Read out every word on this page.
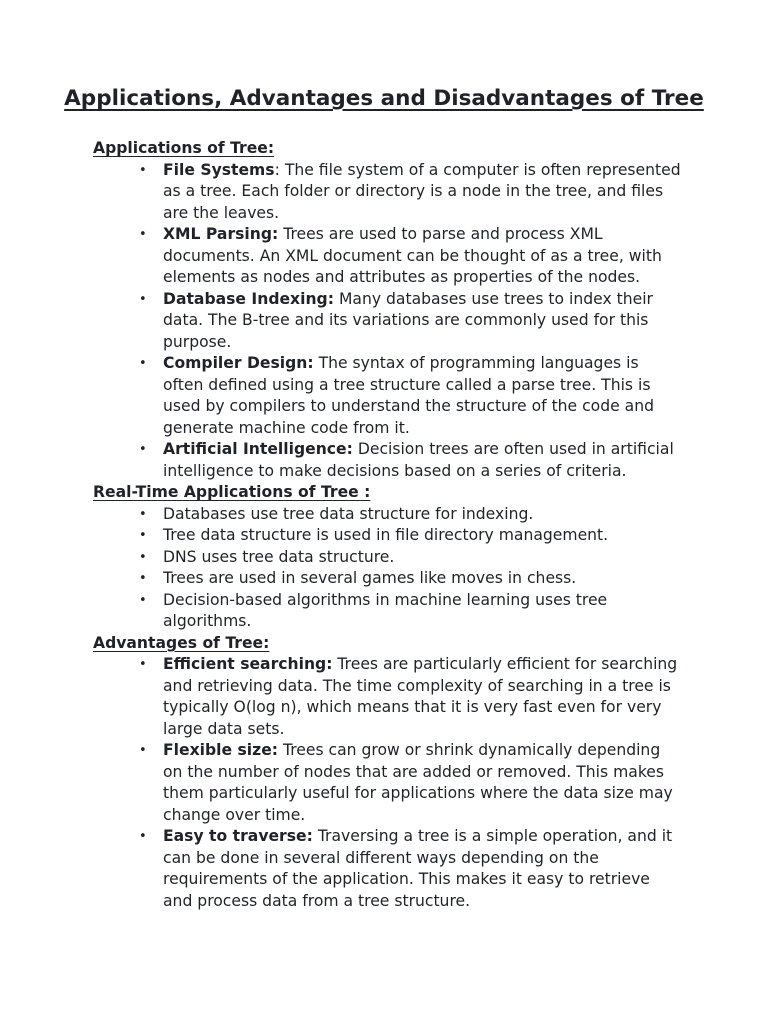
Applications, Advantages and Disadvantages of Tree

Applications of Tree:

• File Systems: The file system of a computer is often represented as a tree. Each folder or directory is a node in the tree, and files are the leaves.
• XML Parsing: Trees are used to parse and process XML documents. An XML document can be thought of as a tree, with elements as nodes and attributes as properties of the nodes.
• Database Indexing: Many databases use trees to index their data. The B-tree and its variations are commonly used for this purpose.
• Compiler Design: The syntax of programming languages is often defined using a tree structure called a parse tree. This is used by compilers to understand the structure of the code and generate machine code from it.
• Artificial Intelligence: Decision trees are often used in artificial intelligence to make decisions based on a series of criteria.

Real-Time Applications of Tree :

• Databases use tree data structure for indexing.
• Tree data structure is used in file directory management.
• DNS uses tree data structure.
• Trees are used in several games like moves in chess.
• Decision-based algorithms in machine learning uses tree algorithms.

Advantages of Tree:

• Efficient searching: Trees are particularly efficient for searching and retrieving data. The time complexity of searching in a tree is typically O(log n), which means that it is very fast even for very large data sets.
• Flexible size: Trees can grow or shrink dynamically depending on the number of nodes that are added or removed. This makes them particularly useful for applications where the data size may change over time.
• Easy to traverse: Traversing a tree is a simple operation, and it can be done in several different ways depending on the requirements of the application. This makes it easy to retrieve and process data from a tree structure.
